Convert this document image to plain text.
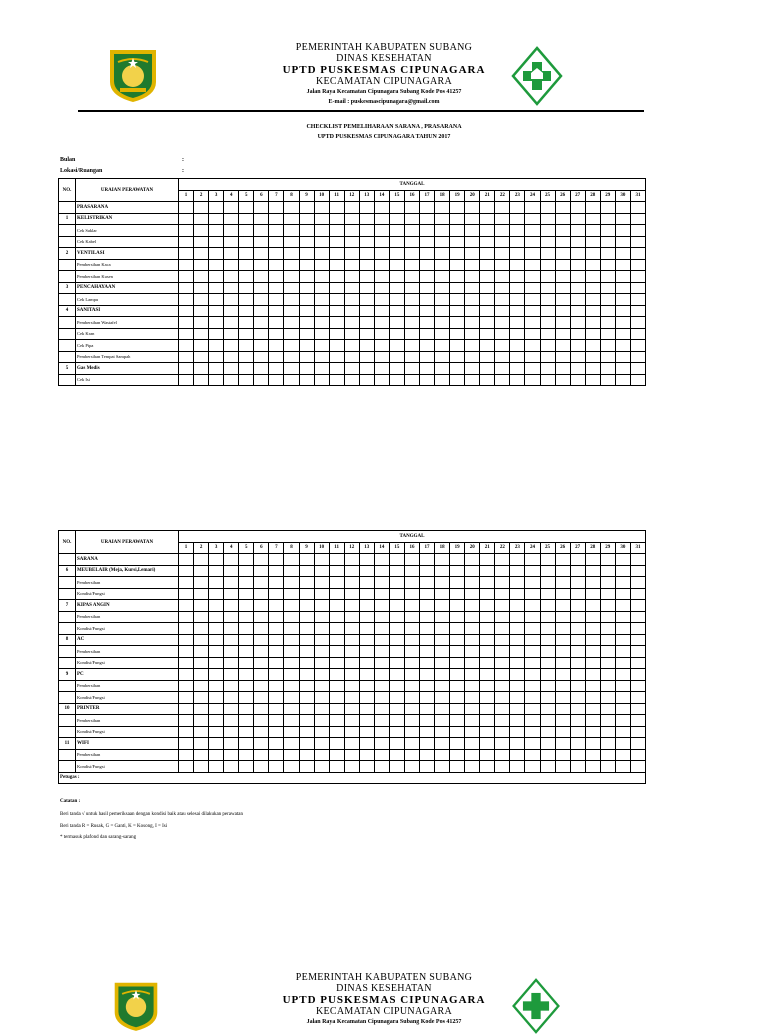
PEMERINTAH KABUPATEN SUBANG
DINAS KESEHATAN
UPTD PUSKESMAS CIPUNAGARA
KECAMATAN CIPUNAGARA
Jalan Raya Kecamatan Cipunagara Subang Kode Pos 41257
E-mail : puskesmascipunagara@gmail.com
CHECKLIST PEMELIHARAAN SARANA , PRASARANA
UPTD PUSKESMAS CIPUNAGARA TAHUN 2017
Bulan	:
Lokasi/Ruangan	:
NO.	URAIAN PERAWATAN	TANGGAL																														
		1	2	3	4	5	6	7	8	9	10	11	12	13	14	15	16	17	18	19	20	21	22	23	24	25	26	27	28	29	30	31
	PRASARANA																															
1	KELISTRIKAN																															
	Cek Saklar																															
	Cek Kabel																															
2	VENTILASI																															
	Pembersihan Kaca																															
	Pembersihan Kusen																															
3	PENCAHAYAAN																															
	Cek Lampu																															
4	SANITASI																															
	Pembersihan Wastafel																															
	Cek Kran																															
	Cek Pipa																															
	Pembersihan Tempat Sampah																															
5	Gas Medis																															
	Cek Isi																															
NO.	URAIAN PERAWATAN	TANGGAL																														
		1	2	3	4	5	6	7	8	9	10	11	12	13	14	15	16	17	18	19	20	21	22	23	24	25	26	27	28	29	30	31
	SARANA																															
6	MEUBELAIR (Meja, Kursi,Lemari)																															
	Pembersihan																															
	Kondisi/Fungsi																															
7	KIPAS ANGIN																															
	Pembersihan																															
	Kondisi/Fungsi																															
8	AC																															
	Pembersihan																															
	Kondisi/Fungsi																															
9	PC																															
	Pembersihan																															
	Kondisi/Fungsi																															
10	PRINTER																															
	Pembersihan																															
	Kondisi/Fungsi																															
11	WIFI																															
	Pembersihan																															
	Kondisi/Fungsi																															
Petugas :																																
Catatan :
Beri tanda √ untuk hasil pemeriksaan dengan kondisi baik atau selesai dilakukan perawatan
Beri tanda R = Rusak, G = Ganti, K = Kosong, I = Isi
* termasuk plafond dan sarang-sarang
PEMERINTAH KABUPATEN SUBANG
DINAS KESEHATAN
UPTD PUSKESMAS CIPUNAGARA
KECAMATAN CIPUNAGARA
Jalan Raya Kecamatan Cipunagara Subang Kode Pos 41257
